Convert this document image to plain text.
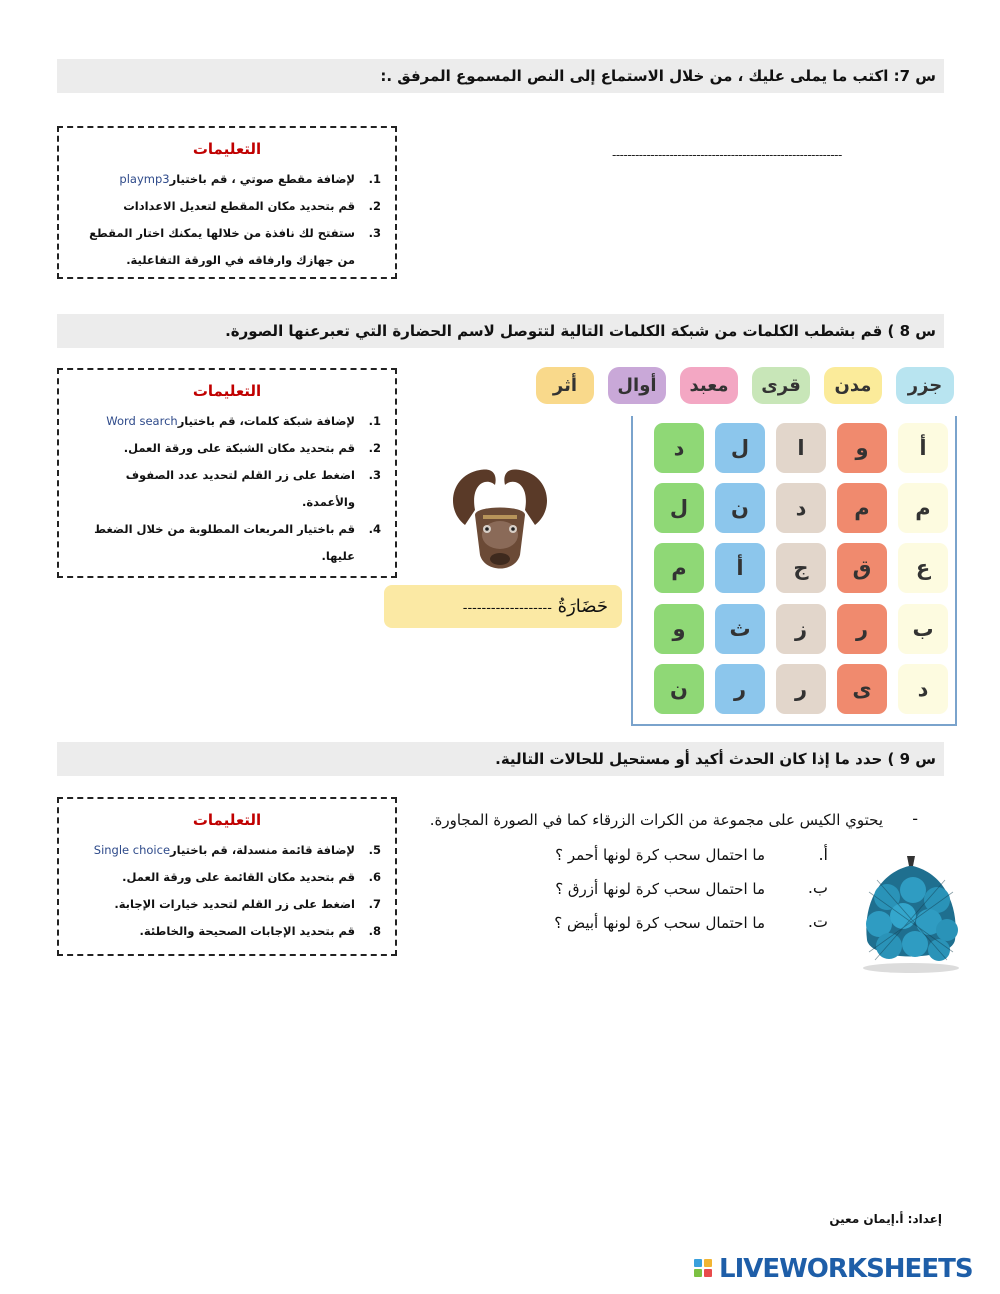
س 7: اكتب ما يملى عليك ، من خلال الاستماع إلى النص المسموع المرفق .:
------------------------------------------------------------
التعليمات
1.
لإضافة مقطع صوتي ، قم باختيارplaymp3
2.
قم بتحديد مكان المقطع لتعديل الاعدادات
3.
ستفتح لك نافذة من خلالها يمكنك اختار المقطع
من جهازك وارفاقه في الورقة التفاعلية.
س 8 ) قم بشطب الكلمات من شبكة الكلمات التالية لتتوصل لاسم الحضارة التي تعبرعنها الصورة.
التعليمات
1.
لإضافة شبكة كلمات، قم باختيارWord search
2.
قم بتحديد مكان الشبكة على ورقة العمل.
3.
اضغط على زر القلم لتحديد عدد الصفوف
والأعمدة.
4.
قم باختيار المربعات المطلوبة من خلال الضغط
عليها.
جزر
مدن
قرى
معبد
أوال
أثر
أ
و
ا
ل
د
م
م
د
ن
ل
ع
ق
ج
أ
م
ب
ر
ز
ث
و
د
ى
ر
ر
ن
حَضَارَةُ -------------------
س 9 ) حدد ما إذا كان الحدث أكيد أو مستحيل للحالات التالية.
التعليمات
5.
لإضافة قائمة منسدلة، قم باختيارSingle choice
6.
قم بتحديد مكان القائمة على ورقة العمل.
7.
اضغط على زر القلم لتحديد خيارات الإجابة.
8.
قم بتحديد الإجابات الصحيحة والخاطئة.
-
يحتوي الكيس على مجموعة من الكرات الزرقاء كما في الصورة المجاورة.
أ.
ب.
ت.
ما احتمال سحب كرة لونها أحمر ؟
ما احتمال سحب كرة لونها أزرق ؟
ما احتمال سحب كرة لونها أبيض ؟
إعداد: أ.إيمان معين
LIVEWORKSHEETS
